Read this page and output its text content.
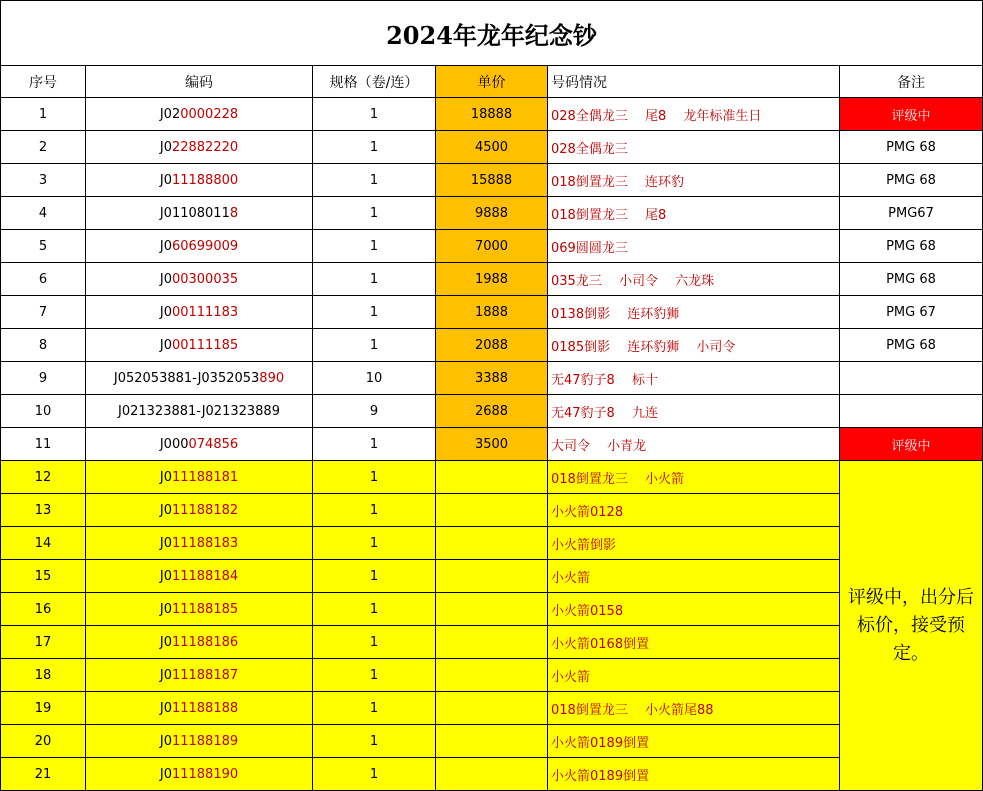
2024年龙年纪念钞					
序号	编码	规格（卷/连）	单价	号码情况	备注
1	J020000228	1	18888	028全偶龙三　 尾8　 龙年标准生日	评级中
2	J022882220	1	4500	028全偶龙三	PMG 68
3	J011188800	1	15888	018倒置龙三　 连环豹	PMG 68
4	J011080118	1	9888	018倒置龙三　 尾8	PMG67
5	J060699009	1	7000	069圆圆龙三	PMG 68
6	J000300035	1	1988	035龙三　 小司令　 六龙珠	PMG 68
7	J000111183	1	1888	0138倒影　 连环豹狮	PMG 67
8	J000111185	1	2088	0185倒影　 连环豹狮　 小司令	PMG 68
9	J052053881-J0352053890	10	3388	无47豹子8　 标十	
10	J021323881-J021323889	9	2688	无47豹子8　 九连	
11	J000074856	1	3500	大司令　 小青龙	评级中
12	J011188181	1		018倒置龙三　 小火箭	评级中，出分后标价，接受预定。
13	J011188182	1		小火箭0128	
14	J011188183	1		小火箭倒影	
15	J011188184	1		小火箭	
16	J011188185	1		小火箭0158	
17	J011188186	1		小火箭0168倒置	
18	J011188187	1		小火箭	
19	J011188188	1		018倒置龙三　 小火箭尾88	
20	J011188189	1		小火箭0189倒置	
21	J011188190	1		小火箭0189倒置	
